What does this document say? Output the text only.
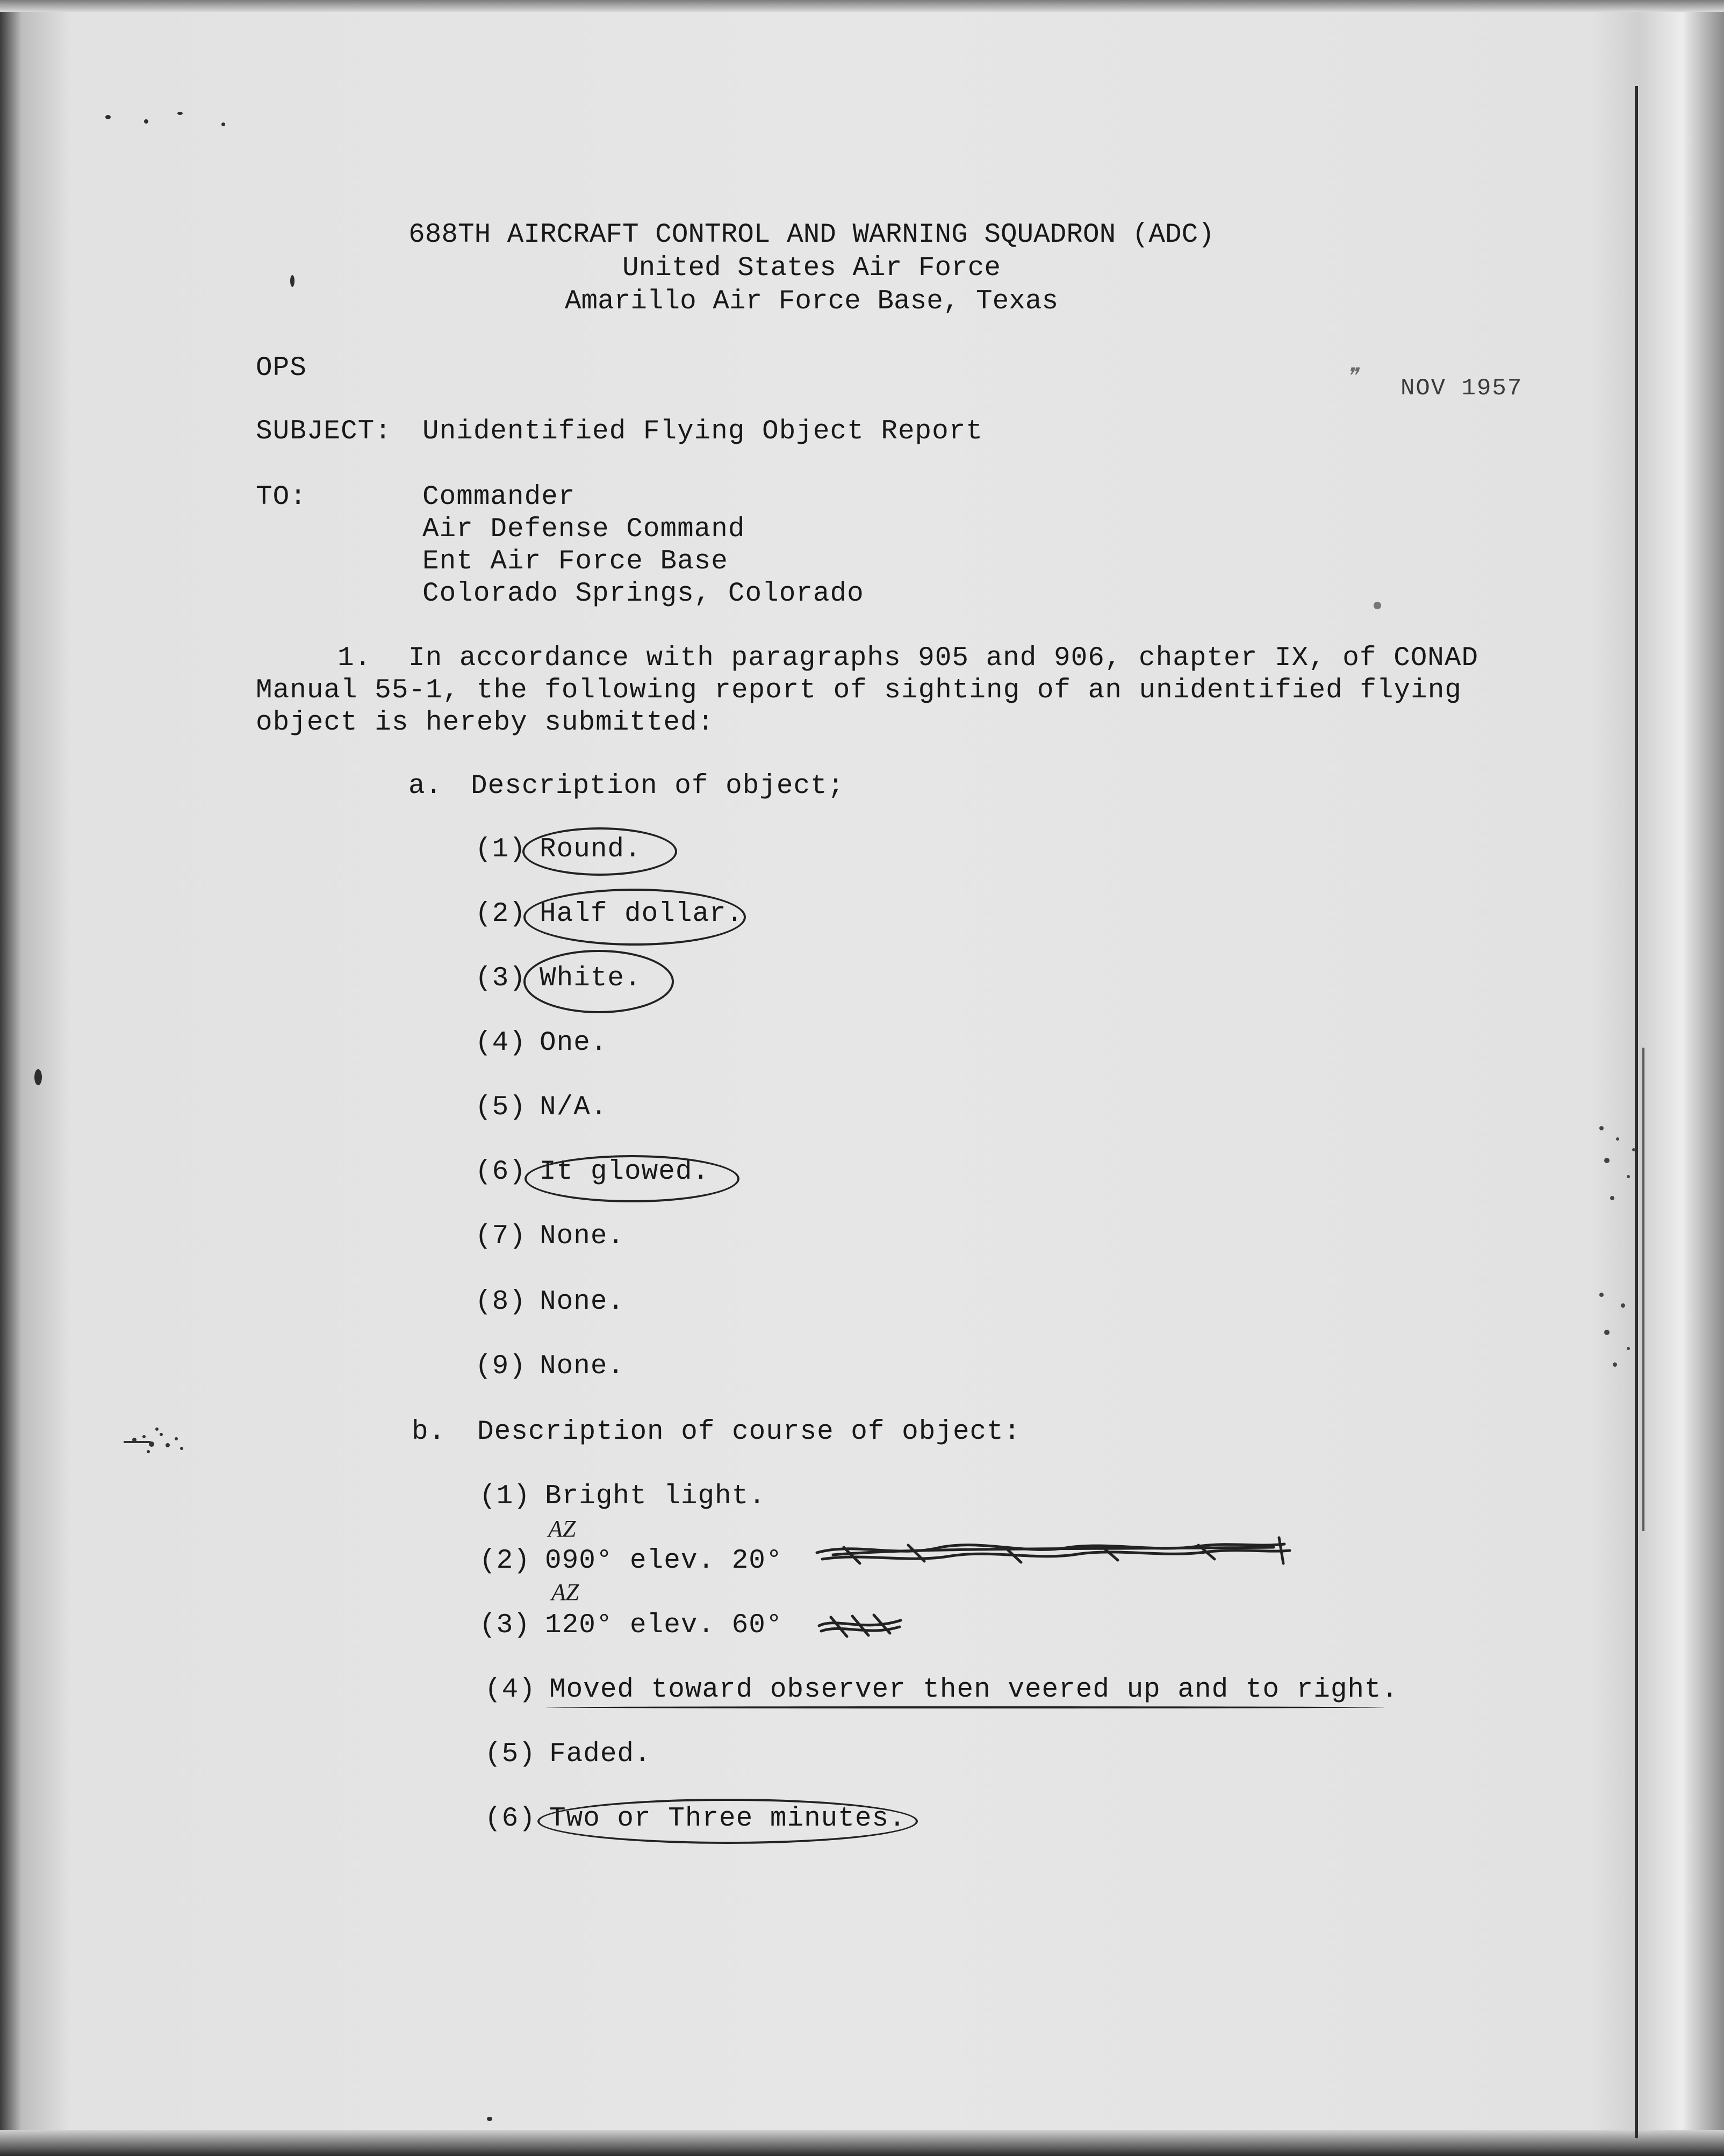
688TH AIRCRAFT CONTROL AND WARNING SQUADRON (ADC)
United States Air Force
Amarillo Air Force Base, Texas
OPS	❞ NOV 1957
SUBJECT: Unidentified Flying Object Report
TO:	Commander
Air Defense Command
Ent Air Force Base
Colorado Springs, Colorado
1. In accordance with paragraphs 905 and 906, chapter IX, of CONAD
Manual 55-1, the following report of sighting of an unidentified flying
object is hereby submitted:
a. Description of object;
(1) Round.
(2) Half dollar.
(3) White.
(4) One.
(5) N/A.
(6) It glowed.
(7) None.
(8) None.
(9) None.
b. Description of course of object:
(1) Bright light.
AZ
(2) 090° elev. 20°
AZ
(3) 120° elev. 60°
(4) Moved toward observer then veered up and to right.
(5) Faded.
(6) Two or Three minutes.
